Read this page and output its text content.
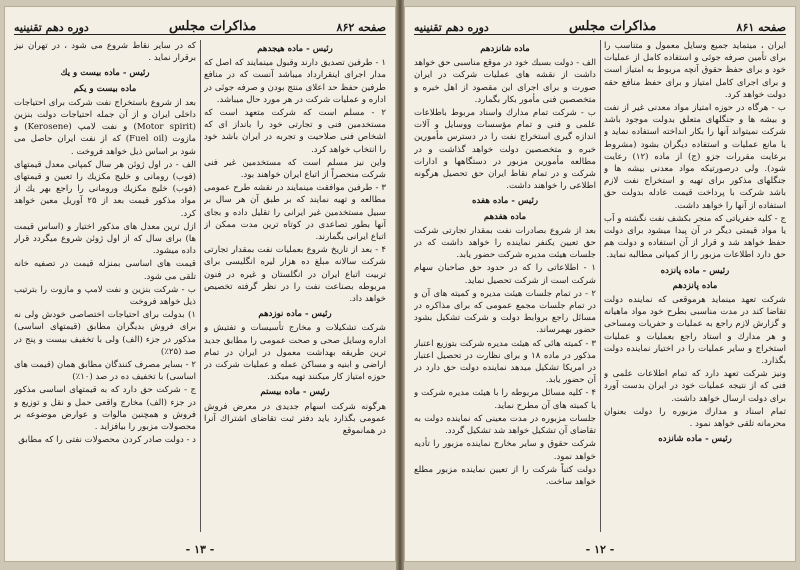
دوره دهم تقنينيه	مذاكرات مجلس	صفحه ۸۶۲
رئيس - ماده هيجدهم

۱ - طرفين تصديق دارند وقبول مينمايند كه اصل كه مدار اجرای اينقرارداد ميباشد آنست كه در منافع طرفين حفظ حد اعلای منتج بودن و صرفه جوئی در اداره و عمليات شركت در هر مورد حال ميباشد.

۲ - مسلم است كه شركت متعهد است كه مستخدمين فنی و تجارتی خود را بانداز ای كه اشخاص فنی صلاحيت و تجربه در ايران باشد خود را انتخاب خواهد كرد.

واين نيز مسلم است كه مستخدمين غير فنی شركت منحصراً از اتباع ايران خواهند بود.

۳ - طرفين موافقت مينمايند در نقشه طرح عمومی مطالعه و تهيه نمايند كه بر طبق آن هر سال بر سبيل مستخدمين غير ايرانی را تقليل داده و بجای آنها بطور تصاعدی در كوتاه ترين مدت ممكن از اتباع ايرانی بگمارند.

۴ - بعد از تاريخ شروع بعمليات نفت بمقدار تجارتی شركت سالانه مبلغ ده هزار ليره انگليسی برای تربيت اتباع ايران در انگلستان و غيره در فنون مربوطه بصناعت نفت را در نظر گرفته تخصيص خواهد داد.

رئيس - ماده نوزدهم

شركت تشكيلات و مخارج تأسيسات و تفتيش و اداره وسايل صحی و صحت عمومی را مطابق جديد ترين طريقه بهداشت معمول در ايران در تمام اراضی و ابنيه و مساكن عمله و عمليات شركت در حوزه امتياز كار ميكنند تهيه ميكند.

رئيس - ماده بيستم

هرگونه شركت اسهام جديدی در معرض فروش عمومی بگذارد بايد دفتر ثبت تقاضای اشتراك آنرا در همانموقع

كه در ساير نقاط شروع می شود ، در تهران نيز برقرار نمايد .

رئيس - ماده بيست و يك
ماده بيست و يكم

بعد از شروع باستخراج نفت شركت برای احتياجات داخلی ايران و از آن جمله احتياجات دولت بنزين (Motor spirit) و نفت لامپ (Kerosene) و مازوت (Fuel oil) كه از نفت ايران حاصل می شود بر اساس ذيل خواهد فروخت .

الف - در اول ژوئن هر سال كمپانی معدل قيمتهای (فوب) رومانی و خليج مكزيك را تعيين و قيمتهای (فوب) خليج مكزيك ورومانی را راجع بهر يك از مواد مذكور قيمت بعد از ۲۵ آوريل معين خواهد كرد.

ازل ترين معدل های مذكور اختيار و (اساس قيمت ها) برای سال كه از اول ژوئن شروع ميگردد قرار داده ميشود.

قيمت های اساسی بمنزله قيمت در تصفيه خانه تلقی می شود.

ب - شركت بنزين و نفت لامپ و مازوت را بترتيب ذيل خواهد فروخت

۱) بدولت برای احتياجات اختصاصی خودش ولی نه برای فروش بديگران مطابق (قيمتهای اساسی) مذكور در جزء (الف) ولی با تخفيف بيست و پنج در صد (۲۵٪)

۲ - بساير مصرف كنندگان مطابق همان (قيمت های اساسی) با تخفيف ده در صد (۱۰٪)

ج - شركت حق دارد كه به قيمتهای اساسی مذكور در جزء (الف) مخارج واقعی حمل و نقل و توزيع و فروش و همچنين مالوات و عوارض موضوعه بر محصولات مزبور را بيافزايد .

د - دولت صادر كردن محصولات نفتی را كه مطابق

- ۱۳ -
دوره دهم تقنينيه	مذاكرات مجلس	صفحه ۸۶۱

ايران ، ميتمايد جميع وسايل معمول و متناسب را برای تأمين صرفه جوئی و استفاده كامل از عمليات خود و برای حفظ حقوق آنچه مربوط به امتياز است و برای اجرای كامل امتياز و برای حفظ منافع حقه دولت خواهد كرد.

ب - هرگاه در حوزه امتياز مواد معدنی غير از نفت و بيشه ها و جنگلهای متعلق بدولت موجود باشد شركت نميتواند آنها را بكار انداخته استفاده نمايد و يا مانع عمليات و استفاده ديگران بشود (مشروط برعايت مقررات جزو (ج) از ماده (۱۲) رعايت شود). ولی درصورتيكه مواد معدنی بيشه ها و جنگلهای مذكور برای تهيه و استخراج نفت لازم باشد شركت با پرداخت قيمت عادله بدولت حق استفاده از آنها را خواهد داشت.

ج - كليه حفرياتی كه منجر بكشف نفت نگشته و آب يا مواد قيمتی ديگر در آن پيدا ميشود برای دولت حفظ خواهد شد و قرار از آن استفاده و دولت هم حق دارد اطلاعات مزبور را از كمپانی مطالبه نمايد.

رئيس - ماده پانزده
ماده پانزدهم

شركت تعهد مينمايد هرموقعی كه نماينده دولت تقاضا كند در مدت مناسبی بطرح خود مواد ماهيانه و گزارش لازم راجع به عمليات و حفريات ومساحی و هر مدارك و استاد راجع بعمليات و عمليات استخراج و ساير عمليات را در اختيار نماينده دولت بگذارد.

ونيز شركت تعهد دارد كه تمام اطلاعات علمی و فنی كه از نتيجه عمليات خود در ايران بدست آورد برای دولت ارسال خواهد داشت.

تمام اسناد و مدارك مزبوره را دولت بعنوان محرمانه تلقی خواهد نمود .

رئيس - ماده شانزده
ماده شانزدهم

الف - دولت بسبك خود در موقع مناسبی حق خواهد داشت از نقشه های عمليات شركت در ايران صورت و برای اجرای اين مقصود از اهل خبره و متخصصين فنی مأمور بكار بگمارد.

ب - شركت تمام مدارك واسناد مربوط باطلاعات علمی و فنی و تمام مؤسسات ووسايل و آلات اندازه گيری استخراج نفت را در دسترس مأمورين خبره و متخصصين دولت خواهد گذاشت و در مطالعه مأمورين مزبور در دستگاهها و ادارات شركت و در تمام نقاط ايران حق تحصيل هرگونه اطلاعی را خواهند داشت.

رئيس - ماده هفده
ماده هفدهم

بعد از شروع بصادرات نفت بمقدار تجارتی شركت حق تعيين يكنفر نماينده را خواهد داشت كه در جلسات هيئت مديره شركت حضور يابد.

۱ - اطلاعاتی را كه در حدود حق صاحبان سهام شركت است از شركت تحصيل نمايد.

۲ - در تمام جلسات هيئت مديره و كميته های آن و در تمام جلسات مجمع عمومی كه برای مذاكره در مسائل راجع بروابط دولت و شركت تشكيل بشود حضور بهمرساند.

۳ - كميته هائی كه هيئت مديره شركت بتوزيع اعتبار مذكور در ماده ۱۸ و برای نظارت در تحصيل اعتبار در امريكا تشكيل ميدهد نماينده دولت حق دارد در آن حضور يابد.

۴ - كليه مسائل مربوطه را با هيئت مديره شركت و يا كميته های آن مطرح نمايد.

جلسات مزبوره در مدت معينی كه نماينده دولت به تقاضای آن تشكيل خواهد شد تشكيل گردد.

شركت حقوق و ساير مخارج نماينده مزبور را تأديه خواهد نمود.

دولت كتباً شركت را از تعيين نماينده مزبور مطلع خواهد ساخت.

- ۱۲ -
